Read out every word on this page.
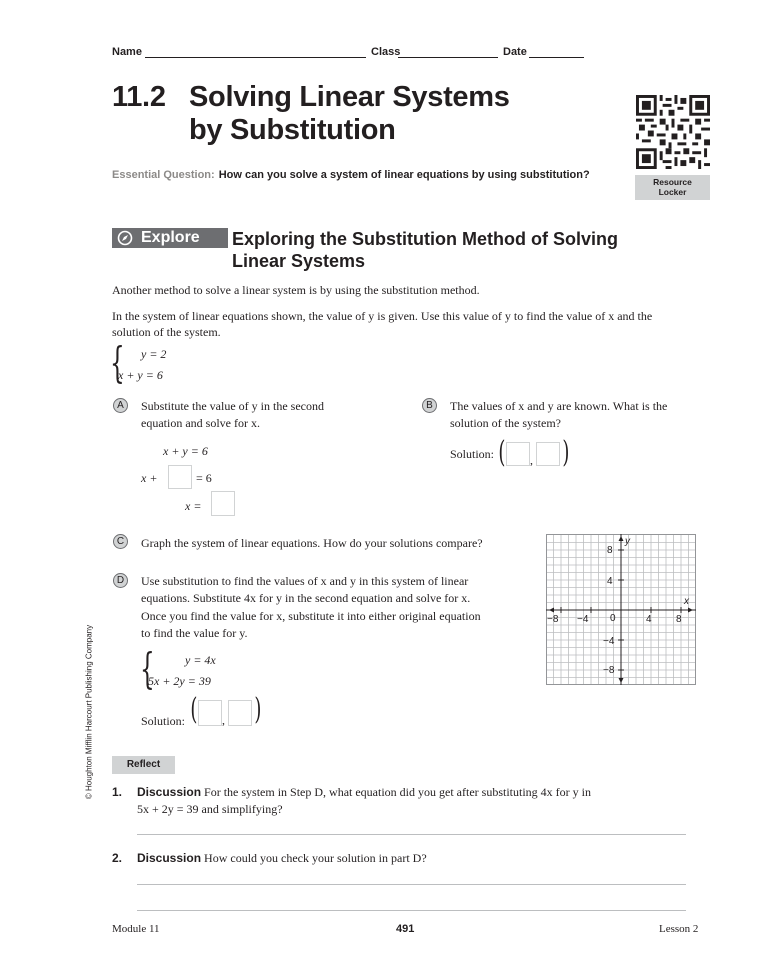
Name	Class	Date
11.2 Solving Linear Systems
by Substitution
Resource
Locker
Essential Question: How can you solve a system of linear equations by using substitution?
Explore Exploring the Substitution Method of Solving
Linear Systems
Another method to solve a linear system is by using the substitution method.
In the system of linear equations shown, the value of y is given. Use this value of y to find the value of x and the
solution of the system.
{ y = 2
x + y = 6
A	Substitute the value of y in the second
equation and solve for x.
x + y = 6
x +	= 6
x =
B	The values of x and y are known. What is the
solution of the system?
Solution: ( , )
C	Graph the system of linear equations. How do your solutions compare?
D	Use substitution to find the values of x and y in this system of linear
equations. Substitute 4x for y in the second equation and solve for x.
Once you find the value for x, substitute it into either original equation
to find the value for y.
{	y = 4x
5x + 2y = 39
Solution: ( , )
x
y
−8 −4 0	4 8
8
4
−4
−8
Reflect
1. Discussion For the system in Step D, what equation did you get after substituting 4x for y in
5x + 2y = 39 and simplifying?
2. Discussion How could you check your solution in part D?
© Houghton Mifflin Harcourt Publishing Company
Module 11	491	Lesson 2
